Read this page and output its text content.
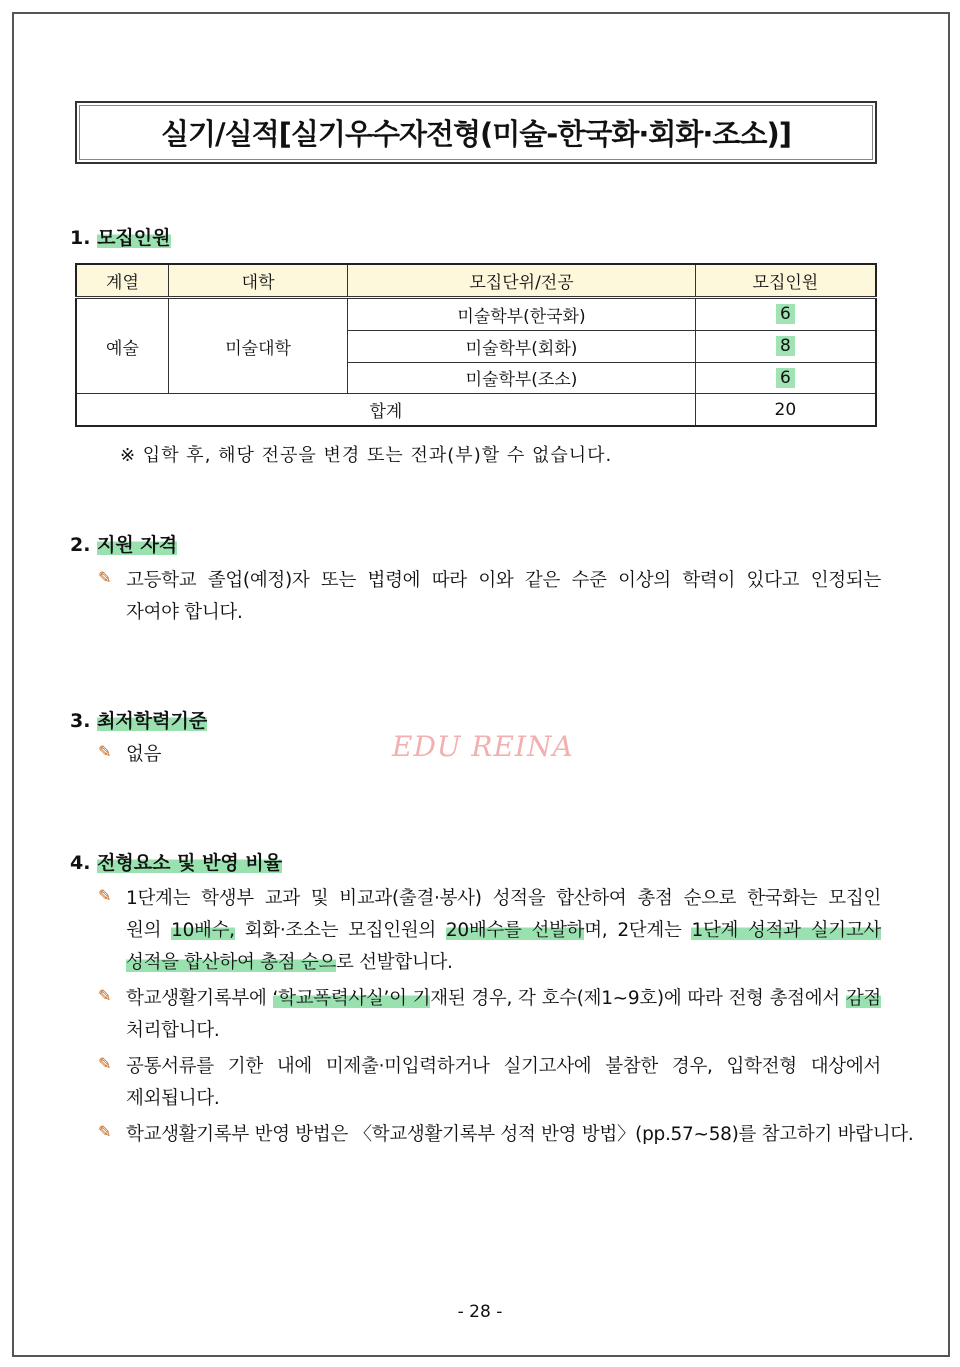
실기/실적[실기우수자전형(미술-한국화·회화·조소)]
1. 모집인원
계열	대학	모집단위/전공	모집인원
예술	미술대학	미술학부(한국화)	6
		미술학부(회화)	8
		미술학부(조소)	6
합계			20
※ 입학 후, 해당 전공을 변경 또는 전과(부)할 수 없습니다.
2. 지원 자격
✎ 고등학교 졸업(예정)자 또는 법령에 따라 이와 같은 수준 이상의 학력이 있다고 인정되는
자여야 합니다.
3. 최저학력기준
✎ 없음	EDU REINA
4. 전형요소 및 반영 비율
✎ 1단계는 학생부 교과 및 비교과(출결·봉사) 성적을 합산하여 총점 순으로 한국화는 모집인
원의 10배수, 회화·조소는 모집인원의 20배수를 선발하며, 2단계는 1단계 성적과 실기고사
성적을 합산하여 총점 순으로 선발합니다.
✎ 학교생활기록부에 ‘학교폭력사실’이 기재된 경우, 각 호수(제1~9호)에 따라 전형 총점에서 감점
처리합니다.
✎ 공통서류를 기한 내에 미제출·미입력하거나 실기고사에 불참한 경우, 입학전형 대상에서
제외됩니다.
✎ 학교생활기록부 반영 방법은 〈학교생활기록부 성적 반영 방법〉(pp.57~58)를 참고하기 바랍니다.
- 28 -
